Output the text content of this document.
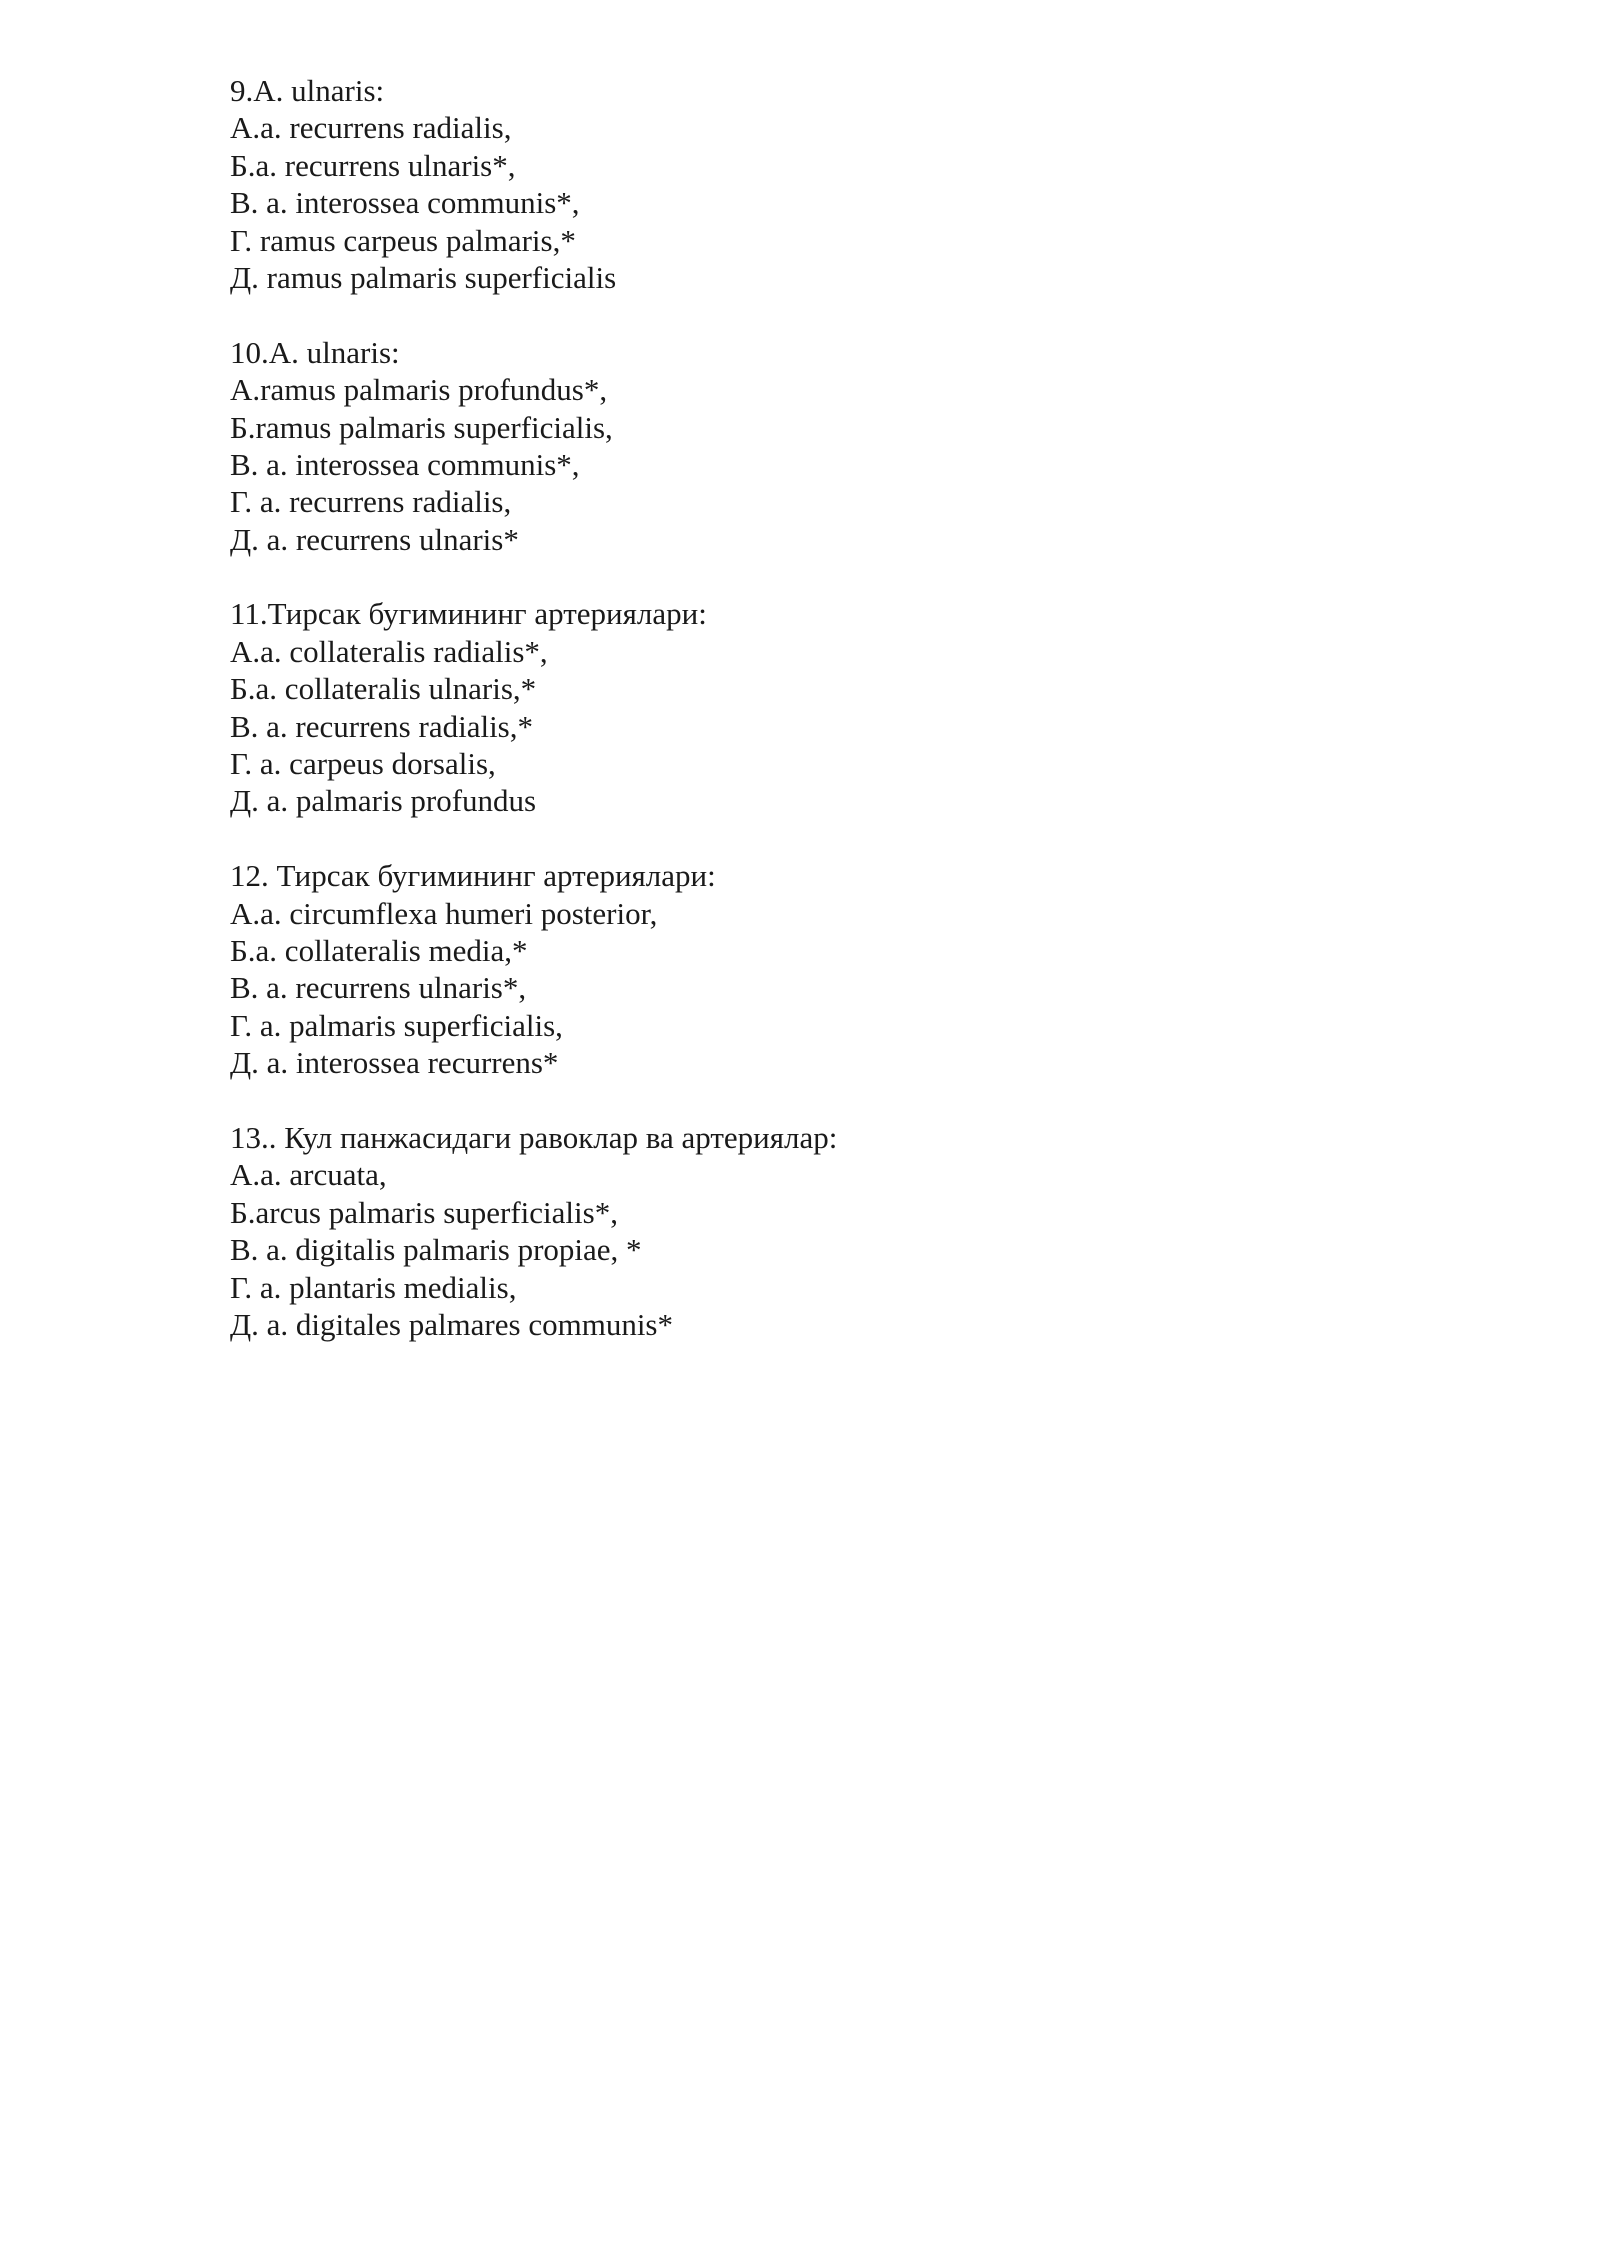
9.A. ulnaris:
А.a. recurrens radialis,
Б.a. recurrens ulnaris*,
В. a. interossea communis*,
Г. ramus carpeus palmaris,*
Д. ramus palmaris superficialis
10.A. ulnaris:
А.ramus palmaris profundus*,
Б.ramus palmaris superficialis,
В. a. interossea communis*,
Г. a. recurrens radialis,
Д. a. recurrens ulnaris*
11.Тирсак бугимининг артериялари:
А.a. collateralis radialis*,
Б.a. collateralis ulnaris,*
В. a. recurrens radialis,*
Г. a. carpeus dorsalis,
Д. a. palmaris profundus
12. Тирсак бугимининг артериялари:
А.a. circumflexa humeri posterior,
Б.a. collateralis media,*
В. a. recurrens ulnaris*,
Г. a. palmaris superficialis,
Д. a. interossea recurrens*
13.. Кул панжасидаги равоклар ва артериялар:
А.a. arcuata,
Б.arcus palmaris superficialis*,
В. a. digitalis palmaris propiae, *
Г. a. plantaris medialis,
Д. a. digitales palmares communis*
